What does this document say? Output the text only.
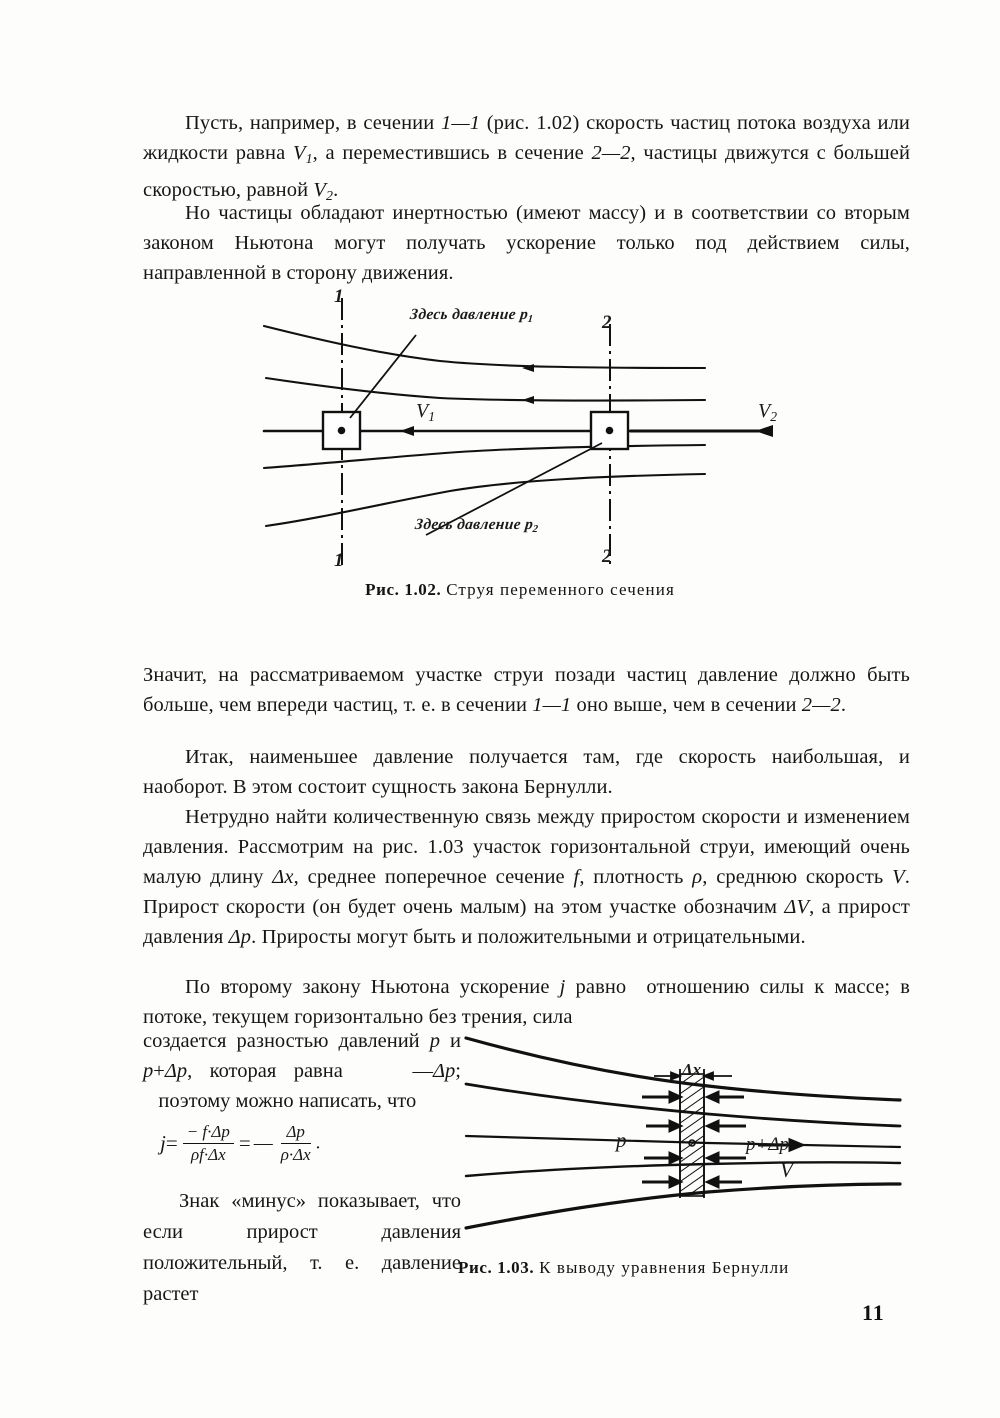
Пусть, например, в сечении 1—1 (рис. 1.02) скорость частиц потока воздуха или жидкости равна $V_1$, а переместившись в сечение 2—2, частицы движутся с большей скоростью, равной $V_2$.

Но частицы обладают инертностью (имеют массу) и в соответствии со вторым законом Ньютона могут получать ускорение только под действием силы, направленной в сторону движения.

1
1
2
2
$V_1$	$V_2$
Здесь давление $p_1$
Здесь давление $p_2$
Рис. 1.02. Струя переменного сечения

Значит, на рассматриваемом участке струи позади частиц давление должно быть больше, чем впереди частиц, т. е. в сечении 1—1 оно выше, чем в сечении 2—2.

Итак, наименьшее давление получается там, где скорость наибольшая, и наоборот. В этом состоит сущность закона Бернулли.

Нетрудно найти количественную связь между приростом скорости и изменением давления. Рассмотрим на рис. 1.03 участок горизонтальной струи, имеющий очень малую длину Δx, среднее поперечное сечение f, плотность ρ, среднюю скорость V. Прирост скорости (он будет очень малым) на этом участке обозначим ΔV, а прирост давления Δp. Приросты могут быть и положительными и отрицательными.

По второму закону Ньютона ускорение j равно  отношению силы к массе; в потоке, текущем горизонтально без трения, сила

создается разностью давлений p и p+Δp, которая равна    —Δp;    поэтому можно написать, что

$j= \frac{- f\cdot\Delta p}{\rho f\cdot\Delta x}$ = — $\frac{\Delta p}{\rho\cdot\Delta x}$ .

Знак «минус» показывает, что если прирост давления положительный, т. е. давление растет

Δx
p	p+Δp
V
Рис. 1.03. К выводу уравнения Бернулли
11
